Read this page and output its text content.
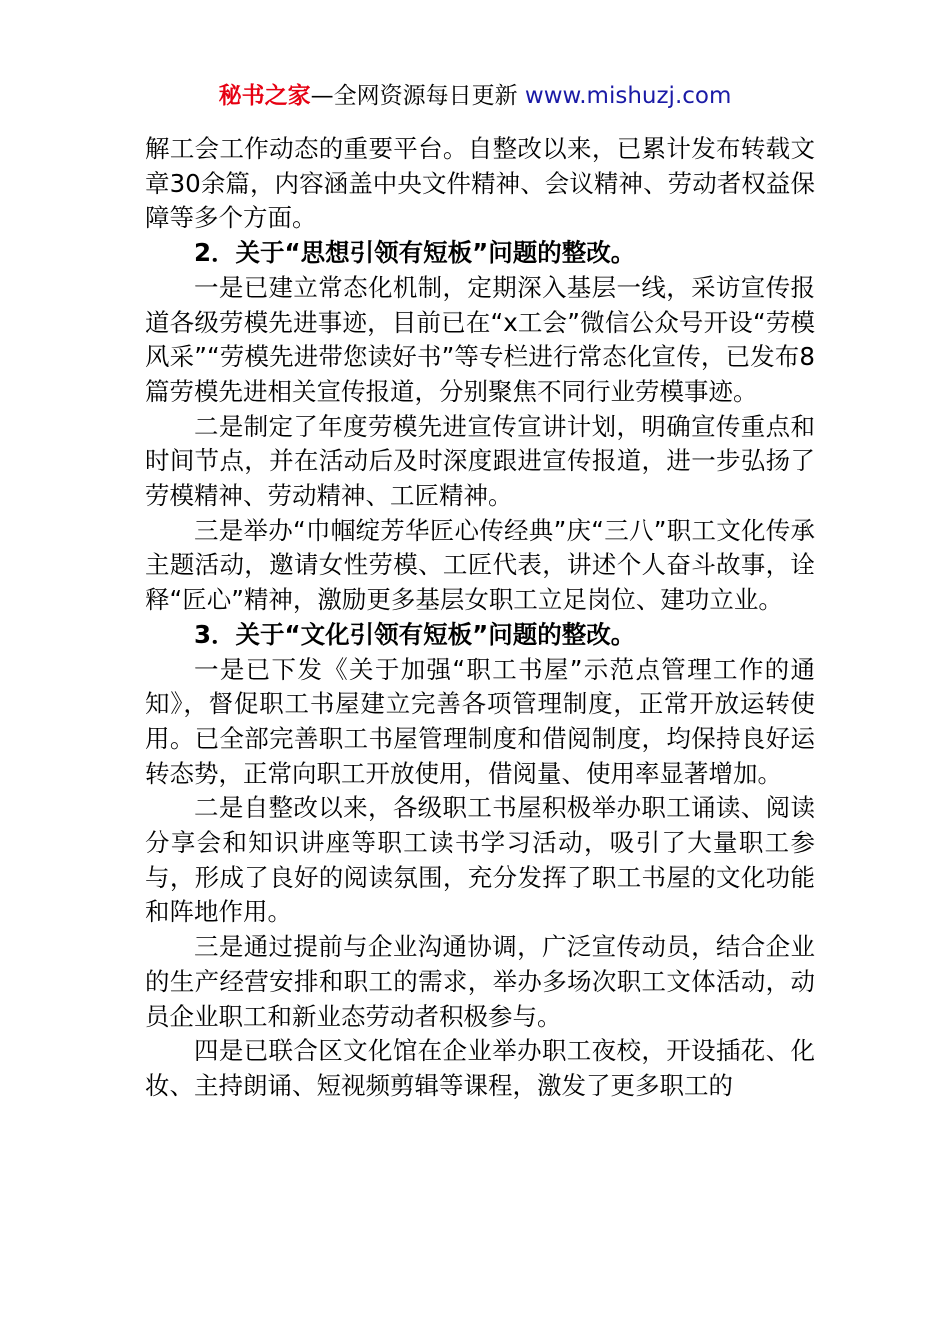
秘书之家—全网资源每日更新 www.mishuzj.com

解工会工作动态的重要平台。自整改以来，已累计发布转载文章30余篇，内容涵盖中央文件精神、会议精神、劳动者权益保障等多个方面。

2．关于“思想引领有短板”问题的整改。

一是已建立常态化机制，定期深入基层一线，采访宣传报道各级劳模先进事迹，目前已在“x工会”微信公众号开设“劳模风采”“劳模先进带您读好书”等专栏进行常态化宣传，已发布8篇劳模先进相关宣传报道，分别聚焦不同行业劳模事迹。

二是制定了年度劳模先进宣传宣讲计划，明确宣传重点和时间节点，并在活动后及时深度跟进宣传报道，进一步弘扬了劳模精神、劳动精神、工匠精神。

三是举办“巾帼绽芳华匠心传经典”庆“三八”职工文化传承主题活动，邀请女性劳模、工匠代表，讲述个人奋斗故事，诠释“匠心”精神，激励更多基层女职工立足岗位、建功立业。

3．关于“文化引领有短板”问题的整改。

一是已下发《关于加强“职工书屋”示范点管理工作的通知》，督促职工书屋建立完善各项管理制度，正常开放运转使用。已全部完善职工书屋管理制度和借阅制度，均保持良好运转态势，正常向职工开放使用，借阅量、使用率显著增加。

二是自整改以来，各级职工书屋积极举办职工诵读、阅读分享会和知识讲座等职工读书学习活动，吸引了大量职工参与，形成了良好的阅读氛围，充分发挥了职工书屋的文化功能和阵地作用。

三是通过提前与企业沟通协调，广泛宣传动员，结合企业的生产经营安排和职工的需求，举办多场次职工文体活动，动员企业职工和新业态劳动者积极参与。

四是已联合区文化馆在企业举办职工夜校，开设插花、化妆、主持朗诵、短视频剪辑等课程，激发了更多职工的
